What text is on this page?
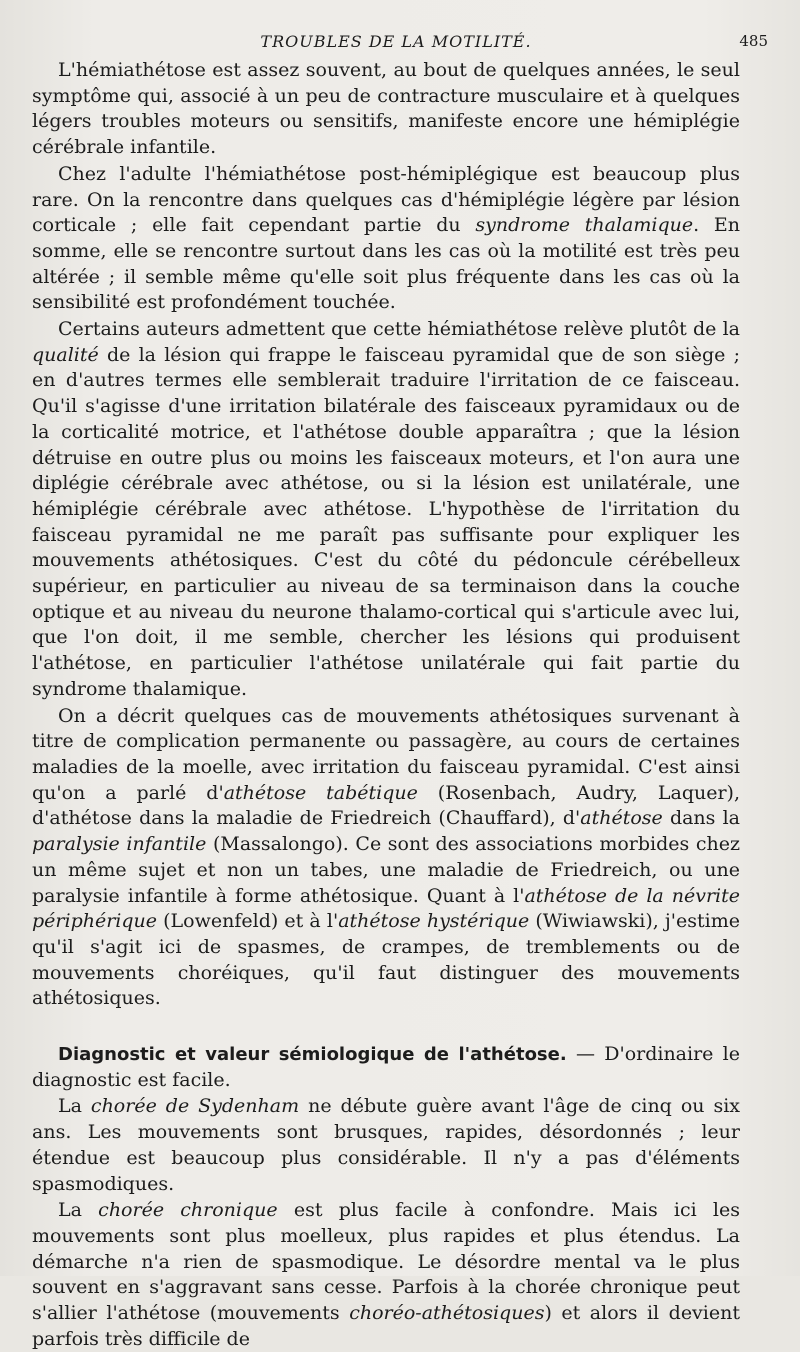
TROUBLES DE LA MOTILITÉ.	485

L'hémiathétose est assez souvent, au bout de quelques années, le seul symptôme qui, associé à un peu de contracture musculaire et à quelques légers troubles moteurs ou sensitifs, manifeste encore une hémiplégie cérébrale infantile.

Chez l'adulte l'hémiathétose post-hémiplégique est beaucoup plus rare. On la rencontre dans quelques cas d'hémiplégie légère par lésion corticale ; elle fait cependant partie du syndrome thalamique. En somme, elle se rencontre surtout dans les cas où la motilité est très peu altérée ; il semble même qu'elle soit plus fréquente dans les cas où la sensibilité est profondément touchée.

Certains auteurs admettent que cette hémiathétose relève plutôt de la qualité de la lésion qui frappe le faisceau pyramidal que de son siège ; en d'autres termes elle semblerait traduire l'irritation de ce faisceau. Qu'il s'agisse d'une irritation bilatérale des faisceaux pyramidaux ou de la corticalité motrice, et l'athétose double apparaîtra ; que la lésion détruise en outre plus ou moins les faisceaux moteurs, et l'on aura une diplégie cérébrale avec athétose, ou si la lésion est unilatérale, une hémiplégie cérébrale avec athétose. L'hypothèse de l'irritation du faisceau pyramidal ne me paraît pas suffisante pour expliquer les mouvements athétosiques. C'est du côté du pédoncule cérébelleux supérieur, en particulier au niveau de sa terminaison dans la couche optique et au niveau du neurone thalamo-cortical qui s'articule avec lui, que l'on doit, il me semble, chercher les lésions qui produisent l'athétose, en particulier l'athétose unilatérale qui fait partie du syndrome thalamique.

On a décrit quelques cas de mouvements athétosiques survenant à titre de complication permanente ou passagère, au cours de certaines maladies de la moelle, avec irritation du faisceau pyramidal. C'est ainsi qu'on a parlé d'athétose tabétique (Rosenbach, Audry, Laquer), d'athétose dans la maladie de Friedreich (Chauffard), d'athétose dans la paralysie infantile (Massalongo). Ce sont des associations morbides chez un même sujet et non un tabes, une maladie de Friedreich, ou une paralysie infantile à forme athétosique. Quant à l'athétose de la névrite périphérique (Lowenfeld) et à l'athétose hystérique (Wiwiawski), j'estime qu'il s'agit ici de spasmes, de crampes, de tremblements ou de mouvements choréiques, qu'il faut distinguer des mouvements athétosiques.

Diagnostic et valeur sémiologique de l'athétose. — D'ordinaire le diagnostic est facile.

La chorée de Sydenham ne débute guère avant l'âge de cinq ou six ans. Les mouvements sont brusques, rapides, désordonnés ; leur étendue est beaucoup plus considérable. Il n'y a pas d'éléments spasmodiques.

La chorée chronique est plus facile à confondre. Mais ici les mouvements sont plus moelleux, plus rapides et plus étendus. La démarche n'a rien de spasmodique. Le désordre mental va le plus souvent en s'aggravant sans cesse. Parfois à la chorée chronique peut s'allier l'athétose (mouvements choréo-athétosiques) et alors il devient parfois très difficile de
